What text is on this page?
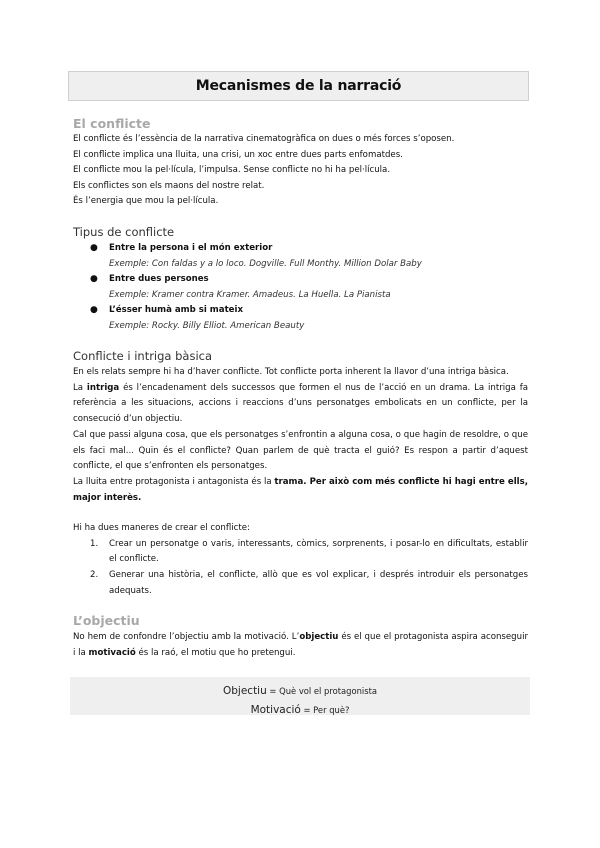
Mecanismes de la narració

El conflicte

El conflicte és l’essència de la narrativa cinematogràfica on dues o més forces s’oposen.

El conflicte implica una lluita, una crisi, un xoc entre dues parts enfomatdes.

El conflicte mou la pel·lícula, l’impulsa. Sense conflicte no hi ha pel·lícula.

Els conflictes son els maons del nostre relat.

És l’energia que mou la pel·lícula.

Tipus de conflicte

● Entre la persona i el món exterior

Exemple: Con faldas y a lo loco. Dogville. Full Monthy. Million Dolar Baby

● Entre dues persones

Exemple: Kramer contra Kramer. Amadeus. La Huella. La Pianista

● L’ésser humà amb si mateix

Exemple: Rocky. Billy Elliot. American Beauty

Conflicte i intriga bàsica

En els relats sempre hi ha d’haver conflicte. Tot conflicte porta inherent la llavor d’una intriga bàsica.

La intriga és l’encadenament dels successos que formen el nus de l’acció en un drama. La intriga fa referència a les situacions, accions i reaccions d’uns personatges embolicats en un conflicte, per la consecució d’un objectiu.

Cal que passi alguna cosa, que els personatges s’enfrontin a alguna cosa, o que hagin de resoldre, o que els faci mal... Quin és el conflicte? Quan parlem de què tracta el guió? Es respon a partir d’aquest conflicte, el que s’enfronten els personatges.

La lluita entre protagonista i antagonista és la trama. Per això com més conflicte hi hagi entre ells, major interès.

Hi ha dues maneres de crear el conflicte:

1. Crear un personatge o varis, interessants, còmics, sorprenents, i posar-lo en dificultats, establir el conflicte.

2. Generar una història, el conflicte, allò que es vol explicar, i després introduir els personatges adequats.

L’objectiu

No hem de confondre l’objectiu amb la motivació. L’objectiu és el que el protagonista aspira aconseguir i la motivació és la raó, el motiu que ho pretengui.

Objectiu = Què vol el protagonista

Motivació = Per què?
